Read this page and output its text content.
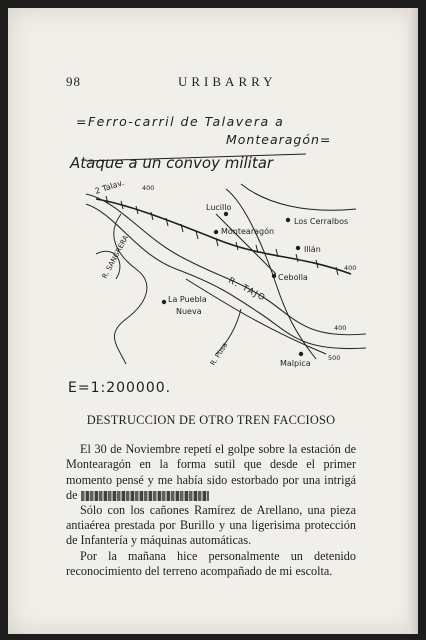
98	URIBARRY
=Ferro-carril de Talavera a
Montearagón=
Ataque a un convoy militar
Lucillo
Montearagón
Los Cerralbos
Illán
Cebolla
La Puebla
Nueva
R. TAJO
R. SANGRERA
2 Talav.
Malpica
R. Pusa
400
400
400
500
E=1:200000.
DESTRUCCION DE OTRO TREN FACCIOSO

El 30 de Noviembre repetí el golpe sobre la estación de Montearagón en la forma sutil que desde el primer momento pensé y me había sido estorbado por una intrigá de

Sólo con los cañones Ramírez de Arellano, una pieza antiaérea prestada por Burillo y una ligerisima protección de Infantería y máquinas automáticas.

Por la mañana hice personalmente un detenido reconocimiento del terreno acompañado de mi escolta.
